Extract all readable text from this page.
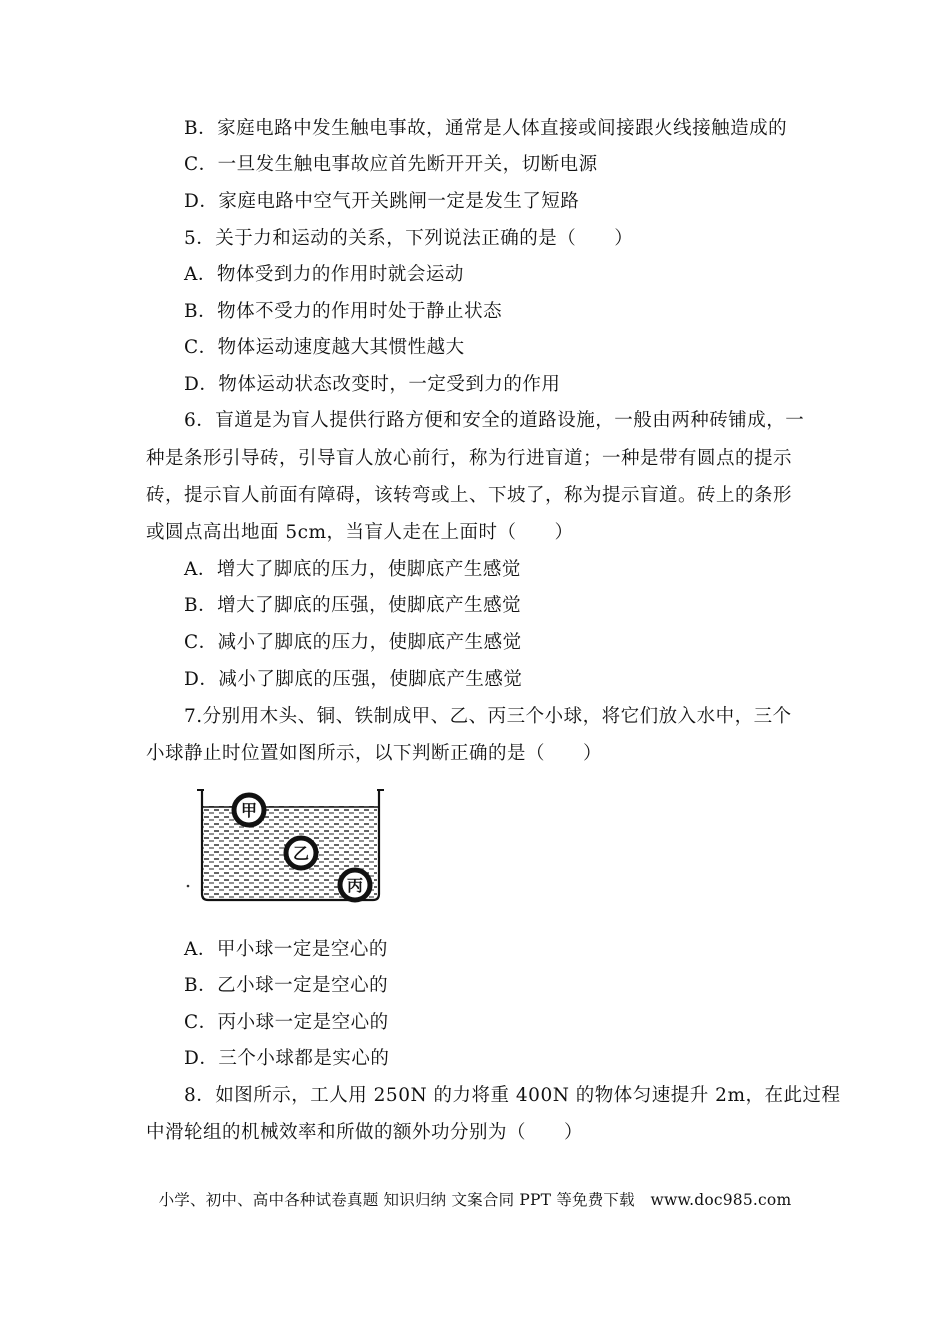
B．家庭电路中发生触电事故，通常是人体直接或间接跟火线接触造成的
C．一旦发生触电事故应首先断开开关，切断电源
D．家庭电路中空气开关跳闸一定是发生了短路
5．关于力和运动的关系，下列说法正确的是（　　）
A．物体受到力的作用时就会运动
B．物体不受力的作用时处于静止状态
C．物体运动速度越大其惯性越大
D．物体运动状态改变时，一定受到力的作用
6．盲道是为盲人提供行路方便和安全的道路设施，一般由两种砖铺成，一
种是条形引导砖，引导盲人放心前行，称为行进盲道；一种是带有圆点的提示
砖，提示盲人前面有障碍，该转弯或上、下坡了，称为提示盲道。砖上的条形
或圆点高出地面 5cm，当盲人走在上面时（　　）
A．增大了脚底的压力，使脚底产生感觉
B．增大了脚底的压强，使脚底产生感觉
C．减小了脚底的压力，使脚底产生感觉
D．减小了脚底的压强，使脚底产生感觉
7.分别用木头、铜、铁制成甲、乙、丙三个小球，将它们放入水中，三个
小球静止时位置如图所示，以下判断正确的是（　　）
甲
乙
丙
A．甲小球一定是空心的
B．乙小球一定是空心的
C．丙小球一定是空心的
D．三个小球都是实心的
8．如图所示，工人用 250N 的力将重 400N 的物体匀速提升 2m，在此过程
中滑轮组的机械效率和所做的额外功分别为（　　）
小学、初中、高中各种试卷真题 知识归纳 文案合同 PPT 等免费下载　www.doc985.com
